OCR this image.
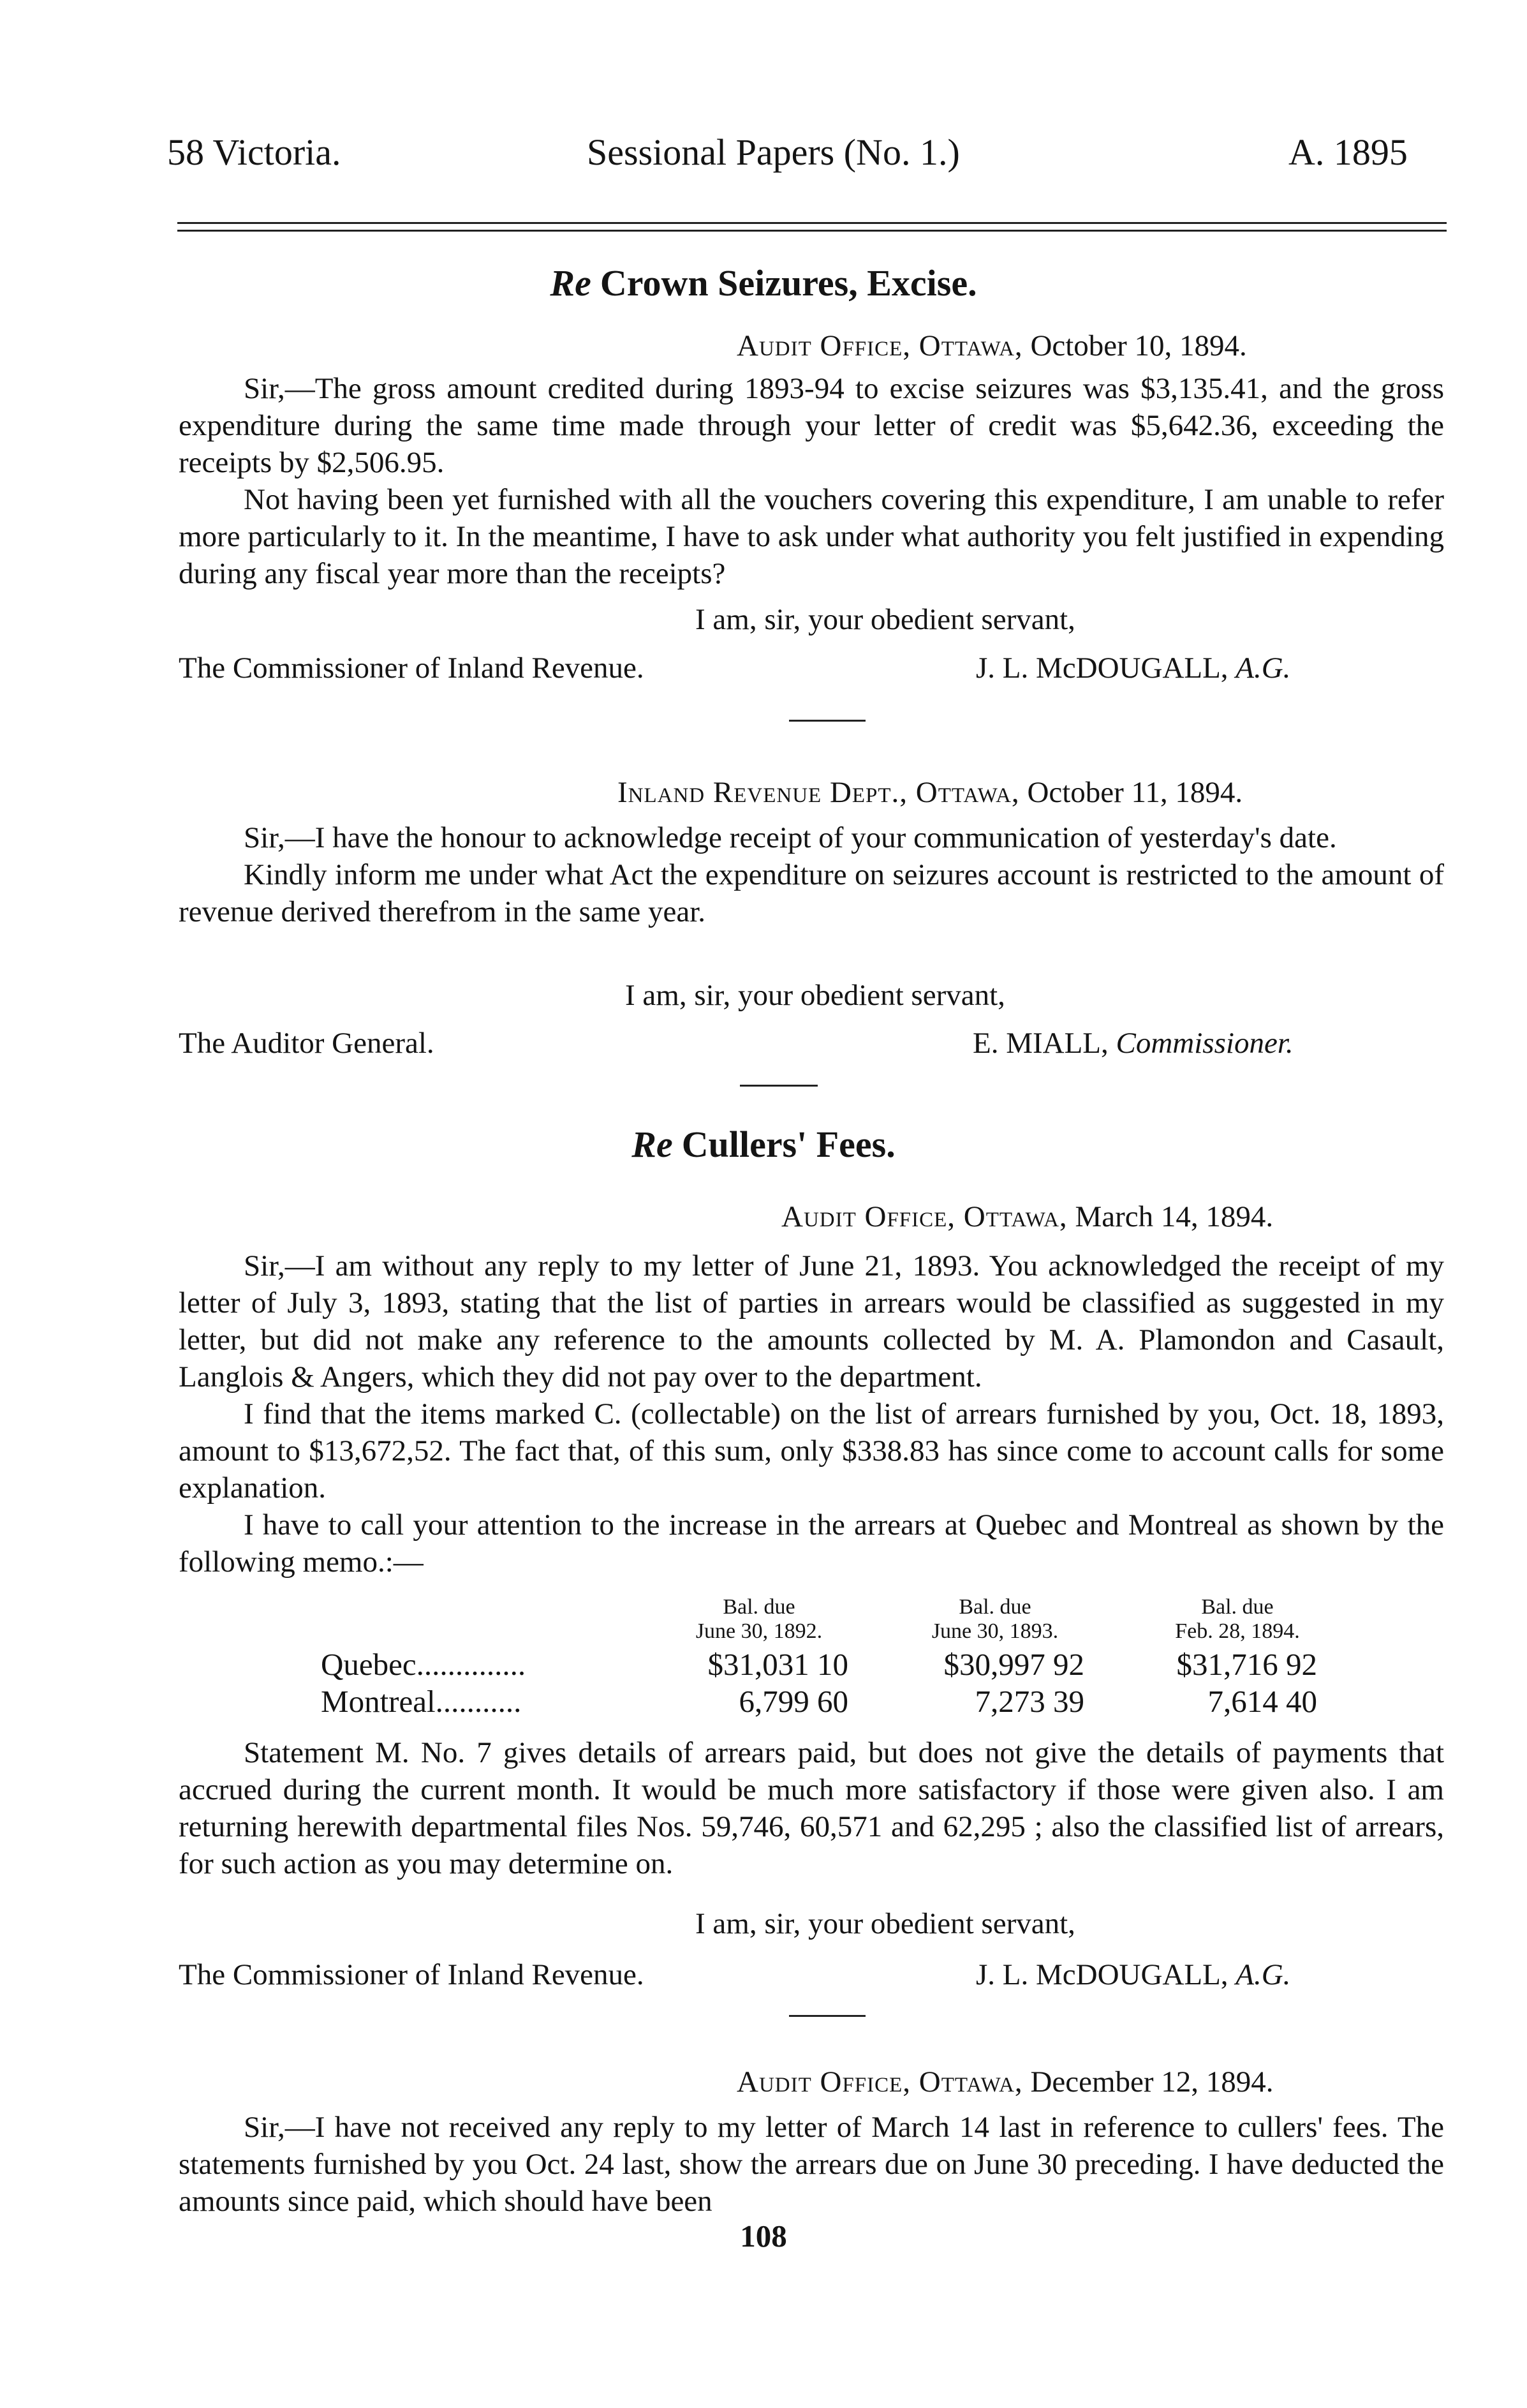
58 Victoria.	Sessional Papers (No. 1.)	A. 1895
Re Crown Seizures, Excise.
Audit Office, Ottawa, October 10, 1894.

Sir,—The gross amount credited during 1893-94 to excise seizures was $3,135.41, and the gross expenditure during the same time made through your letter of credit was $5,642.36, exceeding the receipts by $2,506.95.

Not having been yet furnished with all the vouchers covering this expenditure, I am unable to refer more particularly to it. In the meantime, I have to ask under what authority you felt justified in expending during any fiscal year more than the receipts?

I am, sir, your obedient servant,
The Commissioner of Inland Revenue.	J. L. McDOUGALL, A.G.
Inland Revenue Dept., Ottawa, October 11, 1894.

Sir,—I have the honour to acknowledge receipt of your communication of yesterday's date.

Kindly inform me under what Act the expenditure on seizures account is restricted to the amount of revenue derived therefrom in the same year.

I am, sir, your obedient servant,
The Auditor General.	E. MIALL, Commissioner.
Re Cullers' Fees.
Audit Office, Ottawa, March 14, 1894.

Sir,—I am without any reply to my letter of June 21, 1893. You acknowledged the receipt of my letter of July 3, 1893, stating that the list of parties in arrears would be classified as suggested in my letter, but did not make any reference to the amounts collected by M. A. Plamondon and Casault, Langlois & Angers, which they did not pay over to the department.

I find that the items marked C. (collectable) on the list of arrears furnished by you, Oct. 18, 1893, amount to $13,672,52. The fact that, of this sum, only $338.83 has since come to account calls for some explanation.

I have to call your attention to the increase in the arrears at Quebec and Montreal as shown by the following memo.:—

Bal. due
June 30, 1892.
Bal. due
June 30, 1893.
Bal. due
Feb. 28, 1894.
Quebec..............	$31,031 10	$30,997 92	$31,716 92
Montreal...........	6,799 60	7,273 39	7,614 40

Statement M. No. 7 gives details of arrears paid, but does not give the details of payments that accrued during the current month. It would be much more satisfactory if those were given also. I am returning herewith departmental files Nos. 59,746, 60,571 and 62,295 ; also the classified list of arrears, for such action as you may determine on.

I am, sir, your obedient servant,
The Commissioner of Inland Revenue.	J. L. McDOUGALL, A.G.
Audit Office, Ottawa, December 12, 1894.

Sir,—I have not received any reply to my letter of March 14 last in reference to cullers' fees. The statements furnished by you Oct. 24 last, show the arrears due on June 30 preceding. I have deducted the amounts since paid, which should have been

108
